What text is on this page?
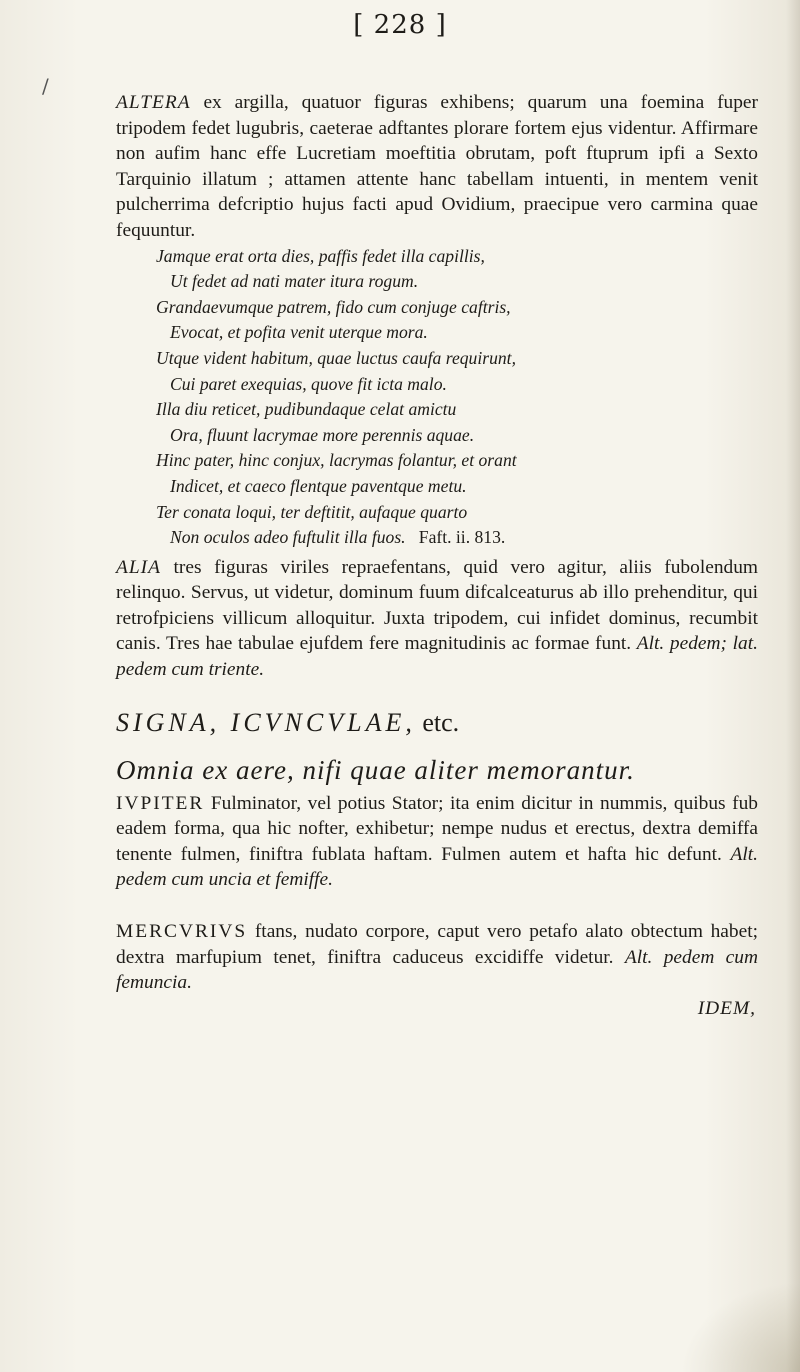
[ 228 ]
/

ALTERA ex argilla, quatuor figuras exhibens; quarum una foemina fuper tripodem fedet lugubris, caeterae adftantes plorare fortem ejus videntur. Affirmare non aufim hanc effe Lucretiam moeftitia obrutam, poft ftuprum ipfi a Sexto Tarquinio illatum ; attamen attente hanc tabellam intuenti, in mentem venit pulcherrima defcriptio hujus facti apud Ovidium, praecipue vero carmina quae fequuntur.

Jamque erat orta dies, paffis fedet illa capillis,
Ut fedet ad nati mater itura rogum.
Grandaevumque patrem, fido cum conjuge caftris,
Evocat, et pofita venit uterque mora.
Utque vident habitum, quae luctus caufa requirunt,
Cui paret exequias, quove fit icta malo.
Illa diu reticet, pudibundaque celat amictu
Ora, fluunt lacrymae more perennis aquae.
Hinc pater, hinc conjux, lacrymas folantur, et orant
Indicet, et caeco flentque paventque metu.
Ter conata loqui, ter deftitit, aufaque quarto
Non oculos adeo fuftulit illa fuos. Faft. ii. 813.

ALIA tres figuras viriles repraefentans, quid vero agitur, aliis fubolendum relinquo. Servus, ut videtur, dominum fuum difcalceaturus ab illo prehenditur, qui retrofpiciens villicum alloquitur. Juxta tripodem, cui infidet dominus, recumbit canis. Tres hae tabulae ejufdem fere magnitudinis ac formae funt. Alt. pedem; lat. pedem cum triente.

SIGNA, ICVNCVLAE, etc.

Omnia ex aere, nifi quae aliter memorantur.

IVPITER Fulminator, vel potius Stator; ita enim dicitur in nummis, quibus fub eadem forma, qua hic nofter, exhibetur; nempe nudus et erectus, dextra demiffa tenente fulmen, finiftra fublata haftam. Fulmen autem et hafta hic defunt. Alt. pedem cum uncia et femiffe.

MERCVRIVS ftans, nudato corpore, caput vero petafo alato obtectum habet; dextra marfupium tenet, finiftra caduceus excidiffe videtur. Alt. pedem cum femuncia.

IDEM,
